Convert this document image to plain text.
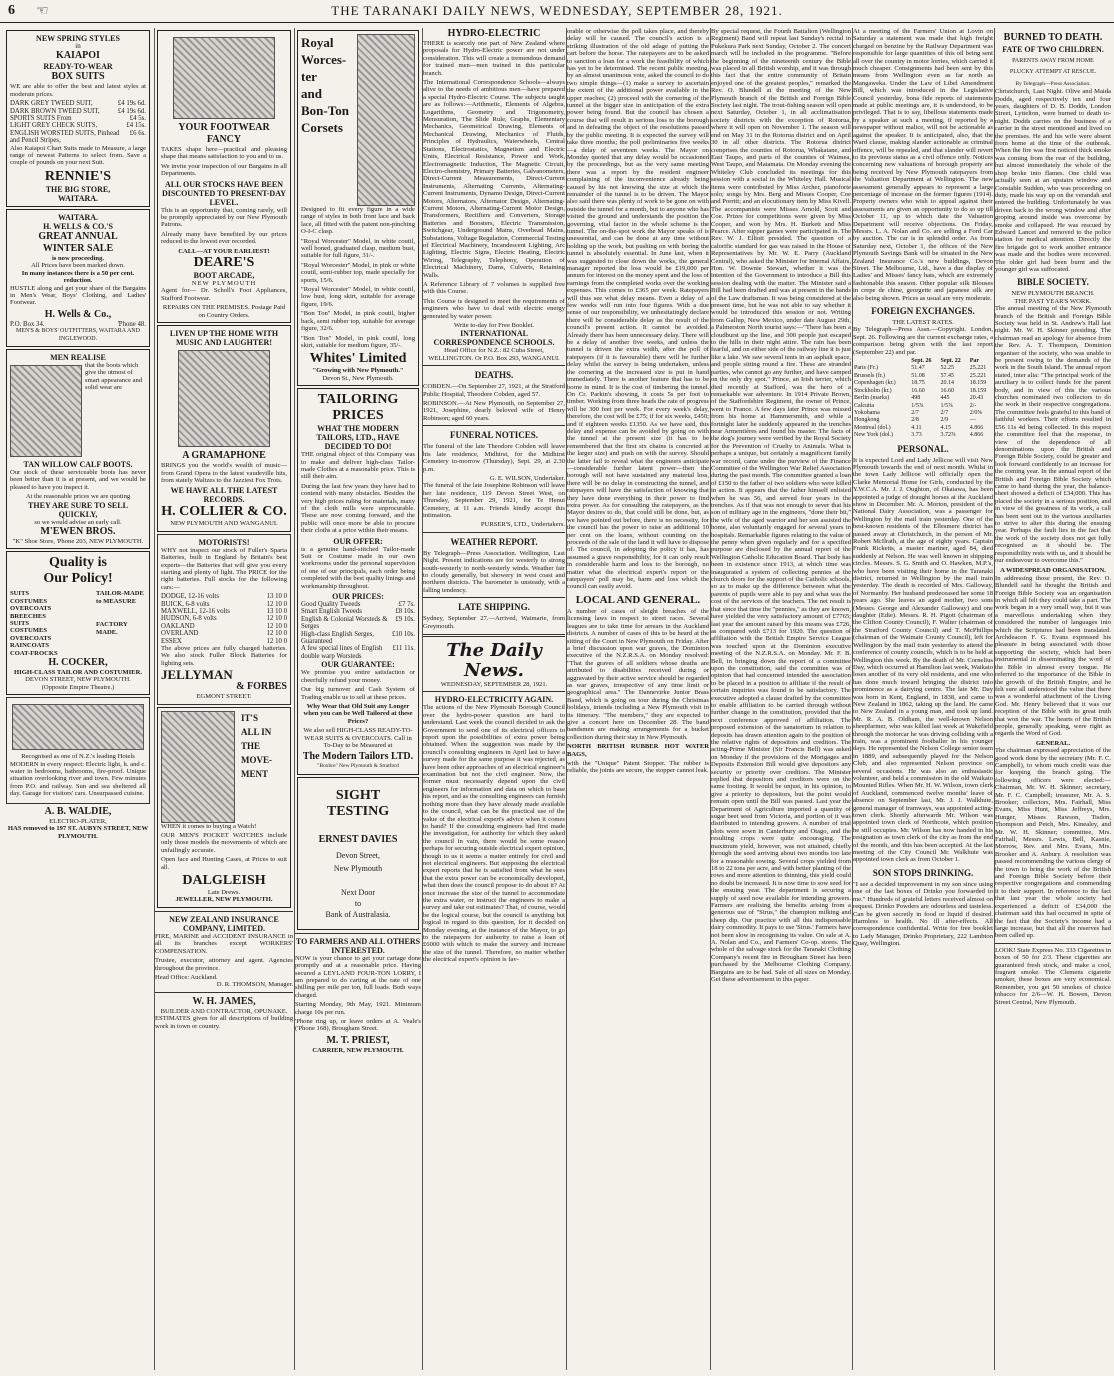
6 ☜	THE TARANAKI DAILY NEWS, WEDNESDAY, SEPTEMBER 28, 1921.
NEW SPRING STYLES
in
KAIAPOI
READY-TO-WEAR
BOX SUITS

WE are able to offer the best and latest styles at moderate prices.

DARK GREY TWEED SUIT,	£4 19s 6d.
DARK BROWN TWEED SUIT,	£4 19s 6d.
SPORTS SUITS From	£4 5s.
LIGHT GREY CHECK SUITS,	£4 15s.
ENGLISH WORSTED SUITS, Pinhead and Pencil Stripes,
£6 6s.

Also Kaiapoi Chart Suits made to Measure, a large range of newest Patterns to select from. Save a couple of pounds on your next Suit.

RENNIE'S
THE BIG STORE,
WAITARA.
WAITARA.
H. WELLS & CO.'S
GREAT ANNUAL
WINTER SALE
is now proceeding.
All Prices have been marked down.
In many instances there is a 50 per cent. reduction.

HUSTLE along and get your share of the Bargains in Men's Wear, Boys' Clothing, and Ladies' Footwear.

H. Wells & Co.,
P.O. Box 34.	'Phone 48.
MEN'S & BOYS' OUTFITTERS, WAITARA AND INGLEWOOD.
MEN REALISE
that the boots which give the utmost of smart appearance and solid wear are
TAN WILLOW CALF BOOTS.

Our stock of these serviceable boots has never been better than it is at present, and we would be pleased to have you inspect it.

At the reasonable prices we are quoting
THEY ARE SURE TO SELL QUICKLY,
so we would advise an early call.
M'EWEN BROS.
"K" Shoe Store, 'Phone 203, NEW PLYMOUTH.
Quality is
Our Policy!
SUITS
COSTUMES
OVERCOATS
BREECHES
SUITS
COSTUMES
OVERCOATS
RAINCOATS
COAT-FROCKS
TAILOR-MADE to MEASURE
FACTORY MADE.
H. COCKER,
HIGH-CLASS TAILOR AND COSTUMIER.
DEVON STREET, NEW PLYMOUTH.
(Opposite Empire Theatre.)
Recognised as one of N.Z.'s leading Hotels

MODERN in every respect: Electric light, h. and c. water in bedrooms, bathrooms, fire-proof. Unique situation overlooking river and town. Few minutes from P.O. and railway. Sun and sea sheltered all day. Garage for visitors' cars. Unsurpassed cuisine.

A. B. WALDIE,
ELECTRO-PLATER,
HAS removed to 197 ST. AUBYN STREET, NEW PLYMOUTH.
YOUR FOOTWEAR FANCY

TAKES shape here—practical and pleasing shape that means satisfaction to you and to us.

We invite your inspection of our Bargains in all Departments.

ALL OUR STOCKS HAVE BEEN DISCOUNTED TO PRESENT-DAY LEVEL.

This is an opportunity that, coming rarely, will be promptly appreciated by our New Plymouth Patrons.

Already many have benefited by our prices reduced to the lowest ever recorded.

CALL—AT YOUR EARLIEST!
DEARE'S
BOOT ARCADE,
NEW PLYMOUTH

Agent for— Dr. Scholl's Foot Appliances, Stafford Footwear.

REPAIRS ON THE PREMISES. Postage Paid on Country Orders.
LIVEN UP THE HOME WITH MUSIC AND LAUGHTER!
A GRAMAPHONE

BRINGS you the world's wealth of music—from Grand Opera to the latest vaudeville hits, from stately Waltzes to the Jazziest Fox Trots.

WE HAVE ALL THE LATEST RECORDS.
H. COLLIER & CO.
NEW PLYMOUTH AND WANGANUI.
MOTORISTS!

WHY not inspect our stock of Fuller's Sparta Batteries, built in England by Britain's best experts—the Batteries that will give you every starting and plenty of light. The PRICE for the right batteries. Full stocks for the following cars:—

DODGE, 12-16 volts	13 10 0
BUICK, 6-8 volts	12 10 0
MAXWELL, 12-16 volts	13 10 0
HUDSON, 6-8 volts	12 10 0
OAKLAND	12 10 0
OVERLAND	12 10 0
ESSEX	12 10 0

The above prices are fully charged batteries. We also stock Fuller Block Batteries for lighting sets.

JELLYMAN
& FORBES
EGMONT STREET.
IT'S
ALL IN
THE
MOVE-
MENT

WHEN it comes to buying a Watch!

OUR MEN'S POCKET WATCHES include only those models the movements of which are unfailingly accurate.

Open face and Hunting Cases, at Prices to suit all.

DALGLEISH
Late Drews.
JEWELLER, NEW PLYMOUTH.
NEW ZEALAND INSURANCE COMPANY, LIMITED.

FIRE, MARINE and ACCIDENT INSURANCE in all its branches except WORKERS' COMPENSATION.

Trustee, executor, attorney and agent. Agencies throughout the province.

Head Office: Auckland.
D. R. THOMSON, Manager.
W. H. JAMES,
BUILDER AND CONTRACTOR, OPUNAKE.

ESTIMATES given for all descriptions of building work in town or country.

Royal
Worces-
ter
and
Bon-Ton
Corsets

Designed to fit every figure in a wide range of styles in both front lace and back lace, all fitted with the patent non-pinching O-I-C clasp.

"Royal Worcester" Model, in white coutil, well boned, graduated clasp, medium bust, suitable for full figure, 31/-.

"Royal Worcester" Model, in pink or white coutil, semi-rubber top, made specially for sports, 15/6.

"Royal Worcester" Model, in white coutil, low bust, long skirt, suitable for average figure, 19/6.

"Bon Ton" Model, in pink coutil, higher back, semi rubber top, suitable for average figure, 32/6.

"Bon Ton" Model, in pink coutil, long skirt, suitable for medium figure, 35/-.

Whites' Limited
"Growing with New Plymouth."
Devon St., New Plymouth.
TAILORING PRICES
WHAT THE MODERN TAILORS, LTD., HAVE DECIDED TO DO!

THE original object of this Company was to make and deliver high-class Tailor-made Clothes at a reasonable price. This is still their aim.

During the last few years they have had to contend with many obstacles. Besides the very high prices ruling for materials, many of the cloth mills were unprocurable. These are now coming forward, and the public will once more be able to procure their cloths at a price within their means.

OUR OFFER:

is a genuine hand-stitched Tailor-made Suit or Costume made in our own workrooms under the personal supervision of one of our principals, each order being completed with the best quality linings and workmanship throughout.

OUR PRICES:
Good Quality Tweeds	£7 7s.
Smart English Tweeds	£8 10s.
English & Colonial Worsteds & Serges
£9 10s.
High-class English Serges, Guaranteed
£10 10s.
A few special lines of English double warp Worsteds
£11 11s.
OUR GUARANTEE:

We promise you entire satisfaction or cheerfully refund your money.

Our big turnover and Cash System of Trading enable us to sell at these prices.

Why Wear that Old Suit any Longer when you can be Well Tailored at these Prices?

We also sell HIGH-CLASS READY-TO-WEAR SUITS & OVERCOATS. Call in To-Day to be Measured at

The Modern Tailors LTD.
"Boxbre" New Plymouth & Stratford
SIGHT TESTING
ERNEST DAVIES
Devon Street,
New Plymouth
Next Door
to
Bank of Australasia.
TO FARMERS AND ALL OTHERS INTERESTED.

NOW is your chance to get your cartage done promptly and at a reasonable price. Having secured a LEYLAND FOUR-TON LORRY, I am prepared to do carting at the rate of one shilling per mile per ton, full loads. Both ways charged.

Starting Monday, 9th May, 1921. Minimum charge 10s per run.

'Phone ring up, or leave orders at A. Veale's ('Phone 168), Brougham Street.

M. T. PRIEST,
CARRIER, NEW PLYMOUTH.
HYDRO-ELECTRIC

THERE is scarcely one part of New Zealand where proposals for Hydro-Electric power are not under consideration. This will create a tremendous demand for trained men—men trained in this particular branch.

The International Correspondence Schools—always alive to the needs of ambitious men—have prepared a special Hydro-Electric Course. The subjects taught are as follows:—Arithmetic, Elements of Algebra, Logarithms, Geometry and Trigonometry, Mensuration, The Slide Rule, Graphs, Elementary Mechanics, Geometrical Drawing, Elements of Mechanical Drawing, Mechanics of Fluids, Principles of Hydraulics, Waterwheels, Central Stations, Electrostatics, Magnetism and Electric Units, Electrical Resistance, Power and Work, Electromagnetic Induction, The Magnetic Circuit, Electro-chemistry, Primary Batteries, Galvanometers, Direct-Current Measurements, Direct-Current Instruments, Alternating Currents, Alternating-Current Instruments, Dynamo Design, Direct-Current Motors, Alternators, Alternator Design, Alternating-Current Motors, Alternating-Current Motor Design, Transformers, Rectifiers and Converters, Storage Batteries and Boosters, Electric Transmission, Switchgear, Underground Mains, Overhead Mains, Substations, Voltage Regulation, Commercial Testing of Electrical Machinery, Incandescent Lighting, Arc Lighting, Electric Signs, Electric Heating, Electric Wiring, Telegraphy, Telephony, Operation of Electrical Machinery, Dams, Culverts, Retaining Walls.

A Reference Library of 7 volumes is supplied free with this Course.

This Course is designed to meet the requirements of engineers who have to deal with electric energy generated by water power.

Write to-day for Free Booklet.
INTERNATIONAL CORRESPONDENCE SCHOOLS.
Head Office for N.Z.: 82 Cuba Street, WELLINGTON. Or P.O. Box 293, WANGANUI.
DEATHS.

COBDEN.—On September 27, 1921, at the Stratford Public Hospital, Theodore Cobden, aged 57.

ROBINSON.—At New Plymouth, on September 27, 1921, Josephine, dearly beloved wife of Henry Robinson; aged 60 years.

FUNERAL NOTICES.

The funeral of the late Theodore Cobden will leave his late residence, Midhirst, for the Midhirst Cemetery to-morrow (Thursday), Sept. 29, at 2.30 p.m.

G. E. WILSON, Undertaker.

The funeral of the late Josephine Robinson will leave her late residence, 119 Devon Street West, on Thursday, September 29, 1921, for Te Henui Cemetery, at 11 a.m. Friends kindly accept this intimation.

PURSER'S, LTD., Undertakers.
WEATHER REPORT.

By Telegraph—Press Association. Wellington, Last Night. Present indications are for westerly to strong south-westerly to north-westerly winds. Weather fair to cloudy generally, but showery in west coast and northern districts. The barometer is unsteady, with a falling tendency.

LATE SHIPPING.

Sydney, September 27.—Arrived, Waimarie, from Greymouth.

The Daily News.
WEDNESDAY, SEPTEMBER 28, 1921.
HYDRO-ELECTRICITY AGAIN.

The actions of the New Plymouth Borough Council over the hydro-power question are hard to understand. Last week the council decided to ask the Government to send one of its electrical officers to report upon the possibilities of extra power being obtained. When the suggestion was made by the council's consulting engineers in April last to have a survey made for the same purpose it was rejected, as have been other approaches of an electrical engineer's examination but not the civil engineer. Now, the former must necessarily depend upon the civil engineers for information and data on which to base his report, and as the consulting engineers can furnish nothing more than they have already made available to the council, what can be the practical use of the value of the electrical expert's advice when it comes to hand? If the consulting engineers had first made the investigation, for authority for which they asked the council in vain, there would be some reason perhaps for securing outside electrical expert opinion, though to us it seems a matter entirely for civil and not electrical engineers. But supposing the electrical expert reports that he is satisfied from what he sees that the extra power can be economically developed, what then does the council propose to do about it? At once increase the size of the tunnel to accommodate the extra water, or instruct the engineers to make a survey and take out estimates? That, of course, would be the logical course, but the council is anything but logical in regard to this question, for it decided on Monday evening, at the instance of the Mayor, to go to the ratepayers for authority to raise a loan of £6000 with which to make the survey and increase the size of the tunnel. Therefore, no matter whether the electrical expert's opinion is fav-

orable or otherwise the poll takes place, and thereby delay will be caused. The council's action is a striking illustration of the old adage of putting the cart before the horse. The ratepayers are to be asked to sanction a loan for a work the feasibility of which has yet to be determined. The recent public meeting, by an almost unanimous vote, asked the council to do two simple things—(1) make a survey to ascertain the extent of the additional power available in the upper reaches; (2) proceed with the cornering of the tunnel at the bigger size in anticipation of the extra power being found. But the council has chosen a course that will result in serious loss to the borough and in defeating the object of the resolutions passed by the public meeting. It is expected the survey will take three months; the poll preliminaries five weeks—a delay of seventeen weeks. The Mayor on Monday quoted that any delay would be occasioned by the proceedings, but as the very same meeting there was a report by the resident engineer complaining of the inconvenience already being caused by his not knowing the size at which the remainder of the tunnel is to be driven. The Mayor also said there was plenty of work to be gone on with outside the tunnel for a month, but to anyone who has visited the ground and understands the position the governing, vital factor in the whole scheme is the tunnel. The on-the-spot work the Mayor speaks of is unessential, and can be done at any time without holding up the work, but pushing on with boring the tunnel is absolutely essential. In June last, when it was suggested to close down the works, the general manager reported the loss would be £19,000 per annum for interest on the money spent and the loss of earnings from the completed works over the working expenses. This comes to £365 per week. Ratepayers will thus see what delay means. Even a delay of a few weeks will run into four figures. With a due sense of our responsibility, we unhesitatingly declare there will be considerable delay as the result of the council's present action. It cannot be avoided. Already there has been unnecessary delay. There will be a delay of another five weeks, and unless the tunnel is driven the extra width, after the poll of ratepayers (if it is favourable) there will be further delay whilst the survey is being undertaken, unless the cornering at the increased size is put in hand immediately. There is another feature that has to be borne in mind. It is the cost of timbering the tunnel. On Cr. Parkin's showing, it costs 5s per foot to timber. Working from three heads the rate of progress will be 300 feet per week. For every week's delay, therefore, the cost will be £75; if for six weeks, £450; and if eighteen weeks £1350. As we have said, this delay and expense can be avoided by going on with the tunnel at the present size (it has to be remembered that the first six chains is concreted at the larger size) and push on with the survey. Should the latter fail to reveal what the engineers anticipate—considerable further latent power—then the borough will not have sustained any material loss, there will be no delay in constructing the tunnel, and ratepayers will have the satisfaction of knowing that they have done everything in their power to find extra power. As for consulting the ratepayers, as the Mayor desires to do, that could still be done, but, as we have pointed out before, there is no necessity, for the council has the power to raise an additional 10 per cent on the loans, without counting on the proceeds of the sale of the land it will have to dispose of. The council, in adopting the policy it has, has assumed a grave responsibility, for it can only result in considerable harm and loss to the borough, no matter what the electrical expert's report or the ratepayers' poll may be, harm and loss which the council can easily avoid.

LOCAL AND GENERAL.

A number of cases of sleight breaches of the licensing laws in respect to street races. Several leagues are to take time for arrears in the Auckland districts. A number of cases of this to be heard at the sitting of the Court in New Plymouth on Friday. After a brief discussion upon war graves, the Dominion executive of the N.Z.R.S.A. on Monday resolved: "That the graves of all soldiers whose deaths are attributed to disabilities received during or aggravated by their active service should be regarded as war graves, irrespective of any time limit or geographical area." The Dannevirke Junior Brass Band, which is going on tour during the Christmas holidays, intends including a New Plymouth visit in its itinerary. "The members," they are expected to give a concert here on December 28. The band bandsmen are making arrangements for a bucket collection during their stay in New Plymouth.

NORTH BRITISH RUBBER HOT WATER BAGS,

with the "Unique" Patent Stopper. The rubber is reliable, the joints are secure, the stopper cannot leak.

By special request, the Fourth Battalion (Wellington Regiment) Band will repeat last Sunday's recital in Pukekura Park next Sunday, October 2. The concert march will be included in the programme. "Before the beginning of the nineteenth century the Bible was placed in all British worship, and it was through this fact that the entire community of Britain enjoyed one of the greatest peoples," remarked the Rev. O. Blundell at the meeting of the New Plymouth branch of the British and Foreign Bible Society last night. The trout-fishing season will open next Saturday, October 1, in all acclimatisation society districts with the exception of Rotorua, where it will open on November 1. The season will end on May 31 in the Rotorua district and on April 30 in all other districts. The Rotorua district comprises the counties of Rotorua, Whakatane, and East Taupo, and parts of the counties of Waimea, West Taupo, and Matamata. On Monday evening the Whiteley Club concluded its meetings for this session with a social in the Whiteley Hall. Musical items were contributed by Miss Archer, pianoforte solo; songs by Mrs. Berg and Misses Cooper, Coe and Porritt; and an elocutionary item by Miss Kivell. The accompanists were Misses Arnold, Scott and Coe. Prizes for competitions were given by Miss Cooper, and won by Mrs. H. Burkett and Miss Pearce. After supper games were participated in. The Rev. W. J. Elliott presided. The question of a calorific standard for gas was raised in the House of Representatives by Mr. W. E. Parry (Auckland Central), who asked the Minister for Internal Affairs, Hon. W. Downie Stewart, whether it was the intention of the Government to introduce a Bill this session dealing with the matter. The Minister said a Bill had been drafted and was at present in the hands of the Law draftsman. It was being considered at the present time, but he was not able to say whether it would be introduced this session or not. Writing from Gallup, New Mexico, under date August 29th, a Palmerston North tourist says:—"There has been a cloudburst up the line, and 300 people just escaped to the hills in their night attire. The rain has been fearful, and on either side of the railway line it is just like a lake. We saw several tents in an asphalt space, and people sitting round a fire. These are stranded parties, who cannot go any further, and have camped on the only dry spot." Prince, an Irish terrier, which died recently at Stafford, was the hero of a remarkable war adventure. In 1914 Private Brown, of the Staffordshire Regiment, the owner of Prince, went to France. A few days later Prince was missed from his home at Hammersmith, and while a fortnight later he suddenly appeared in the trenches near Armentières and found his master. The facts of the dog's journey were verified by the Royal Society for the Prevention of Cruelty to Animals. What is perhaps a unique, but certainly a magnificent family war record, came under the purview of the Finance Committee of the Wellington War Relief Association during the past month. The committee granted a loan of £150 to the father of two soldiers who were killed in action. It appears that the father himself enlisted when he was 56, and served four years in the trenches. As if that was not enough to sever that his son of military age in the engineers, "done their bit," the wife of the aged warrior and her son assisted the home, also voluntarily engaged for several years in hospitals. Remarkable figures relating to the value of the penny when given regularly and for a specified purpose are disclosed by the annual report of the Wellington Catholic Education Board. That body has been in existence since 1913, at which time was inaugurated a system of collecting pennies at the church doors for the support of the Catholic schools, so as to make up the difference between what the parents of pupils were able to pay and what was the cost of the services of the teachers. The net result is that since that time the "pennies," as they are known, have yielded the very satisfactory amount of £7765; last year the amount raised by this means was £726, as compared with £713 for 1920. The question of affiliation with the British Empire Service League was touched upon at the Dominion executive meeting of the N.Z.R.S.A. on Monday. Mr. F. B. Bell, in bringing down the report of a committee upon the constitution, said the committee was of opinion that had concerned intended the association to be placed in a position to affiliate if the result of certain inquiries was found to be satisfactory. The executive adopted a clause drafted by the committee to enable affiliation to be carried through without further change in the constitution, provided that the next conference approved of affiliation. The proposed extension of the sanatorium in relation to deposits has drawn attention again to the position of the relative rights of depositors and creditors. The acting-Prime Minister (Sir Francis Bell) was asked on Monday if the provisions of the Mortgages and Deposits Extension Bill would give depositors any security or priority over creditors. The Minister replied that depositors and creditors were on the same footing. It would be unjust, in his opinion, to give a priority to depositors, but the point would remain open until the Bill was passed. Last year the Department of Agriculture imported a quantity of sugar beet seed from Victoria, and portion of it was distributed to intending growers. A number of trial plots were sown in Canterbury and Otago, and the resulting crops were quite encouraging. The maximum yield, however, was not attained, chiefly through the seed arriving about two months too late for a reasonable sowing. Several crops yielded from 18 to 22 tons per acre, and with better planting of the rows and more attention to thinning, this yield could no doubt be increased. It is now time to sow seed for the ensuing year. The department is securing a supply of seed now available for intending growers. Farmers are realising the benefits arising from a generous use of "Sirus," the champion milking and sheep dip. Our practice with all this indispensable dairy commodity. It pays to use 'Sirus.' Farmers have not been slow in recognising its value. On sale at A. A. Nolan and Co., and Farmers' Co-op. stores. The whole of the salvage stock for the Taranaki Clothing Company's recent fire in Brougham Street has been purchased by the Melbourne Clothing Company. Bargains are to be had. Sale of all sizes on Monday. Get these advertisement in this paper.

At a meeting of the Farmers' Union at Lovin on Saturday a statement was made that high freight charged on benzine by the Railway Department was responsible for large quantities of this oil being sent all over the country in motor lorries, which carried it much cheaper. Consignments had been sent by this means from Wellington even as far north as Mangaweka. Under the Law of Libel Amendment Bill, which was introduced in the Legislative Council yesterday, bona fide reports of statements made at public meetings are, it is understood, to be privileged. That is to say, libellous statements made by a speaker at such a meeting, if reported by a newspaper without malice, will not be actionable as against the speaker. It is anticipated, also, that the Ward clause, making slander actionable as criminal offence, will be repealed, and that slander will revert to its previous status as a civil offence only. Notices concerning new valuations of borough property are being received by New Plymouth ratepayers from the Valuation Department at Wellington. The new assessment generally appears to represent a large percentage of increase on the former figures (1914). Property owners who wish to appeal against their assessments are given an opportunity to do so up till October 11, up to which date the Valuation Department will receive objections. On Friday, Messrs. L. A. Nolan and Co. are selling a Ford Car by auction. The car is in splendid order. As from Saturday next, October 1, the offices of the New Plymouth Savings Bank will be situated in the New Zealand Insurance Co.'s new buildings, Devon Street. The Melbourne, Ltd., have a due display of Ladies' and Misses' fancy hats, which are extremely fashionable this season. Other popular silk Blouses in crepe de chine, georgette and japanese silk are also being shown. Prices as usual are very moderate.

FOREIGN EXCHANGES.
THE LATEST RATES.

By Telegraph—Press Assn.—Copyright. London, Sept. 26. Following are the current exchange rates, a comparison being given with the last report (September 22) and par.

	Sept. 26	Sept. 22	Par
Paris (Fr.)	51.47	52.25	25.221
Brussels (fr.)	51.08	57.45	25.221
Copenhagen (kr.)	18.75	20.14	18.159
Stockholm (kr.)	16.60	16.60	18.159
Berlin (marks)	498	445	20.43
Calcutta	1/5⅞	1/5⅞	2/-
Yokohama	2/7	2/7	2/0⅝
Hongkong	2/8	2/9	—
Montreal (dol.)	4.11	4.15	4.866
New York (dol.)	3.73	3.72⅞	4.866
PERSONAL.

It is expected Lord and Lady Jellicoe will visit New Plymouth towards the end of next month. Whilst in the town Lady Jellicoe will officially open the Clarke Memorial Home for Girls, conducted by the Y.W.C.A. Mr. J. J. Oughton, of Okaiawa, has been appointed a judge of draught horses at the Auckland show in December. Mr. A. Morton, president of the National Dairy Association, was a passenger for Wellington by the mail train yesterday. One of the best-known residents of the Ellesmere district has passed away at Christchurch, in the person of Mr. Robert McIlrath, at the age of eighty years. Captain Frank Ricketts, a master mariner, aged 84, died suddenly at Nelson. He was well known in shipping circles. Messrs. S. G. Smith and O. Hawken, M.P.'s, who have been visiting their home in the Taranaki district, returned to Wellington by the mail train yesterday. The death is recorded of Mrs. Galloway, of Normanby. Her husband predeceased her some 18 years ago. She leaves an aged mother, two sons (Messrs. George and Alexander Galloway) and one daughter (Edie). Messrs. R. H. Pigott (chairman of the Clifton County Council), F. Walter (chairman of the Stratford County Council) and T. McPhillips (chairman of the Waimate County Council), left for Wellington by the mail train yesterday to attend the conference of county councils, which is to be held at Wellington this week. By the death of Mr. Cornelius Day, which occurred at Hamilton last week, Waikato loses another of its very old residents, and one who has done much toward bringing the district into prominence as a dairying centre. The late Mr. Day was born in Kent, England, in 1838, and came to New Zealand in 1862, taking up the land. He came to New Zealand in a young man, and took up land. Mr. R. A. B. Oldham, the well-known Nelson sheepfarmer, who was killed last week at Wakefield through the motorcar he was driving colliding with a train, was a prominent footballer in his younger days. He represented the Nelson College senior team in 1889, and subsequently played for the Nelson Club, and also represented Nelson province on several occasions. He was also an enthusiastic volunteer, and held a commission in the old Waikato Mounted Rifles. When Mr. H. W. Wilson, town clerk of Auckland, commenced twelve months' leave of absence on September last, Mr. J. J. Walkhute, general manager of tramways, was appointed acting-town clerk. Shortly afterwards Mr. Wilson was appointed town clerk of Northcote, which position he still occupies. Mr. Wilson has now handed in his resignation as town clerk of the city as from the end of the month, and this has been accepted. At the last meeting of the City Council Mr. Walkhute was appointed town clerk as from October 1.

SON STOPS DRINKING.

"I see a decided improvement in my son since using one of the last boxes of Drinko you forwarded to me." Hundreds of grateful letters received almost on request. Drinko Powders are odourless and tasteless. Can be given secretly in food or liquid if desired. Harmless to health. No ill after-effects. All correspondence confidential. Write for free booklet to Lady Manager, Drinko Proprietary, 222 Lambton Quay, Wellington.

BURNED TO DEATH.
FATE OF TWO CHILDREN.
PARENTS AWAY FROM HOME
PLUCKY ATTEMPT AT RESCUE.
By Telegraph—Press Association.

Christchurch, Last Night. Olive and Maida Dodds, aged respectively ten and four years, daughters of D. B. Dodds, London Street, Lyttelton, were burned to death to-night. Dodds carries on the business of a carrier in the street mentioned and lived on the premises. He and his wife were absent from home at the time of the outbreak. When the fire was first noticed thick smoke was coming from the rear of the building, but almost immediately the whole of the shop broke into flames. One child was actually seen at an upstairs window and Constable Sudden, who was proceeding on duty, made his way up on the verandah and entered the building. Unfortunately he was driven back to the wrong window and after groping around inside was overcome by smoke and collapsed. He was rescued by Edward Lancet and removed to the police station for medical attention. Directly the fire brigade got to work another entrance was made and the bodies were recovered. The older girl had been burnt and the younger girl was suffocated.

BIBLE SOCIETY.
NEW PLYMOUTH BRANCH.
THE PAST YEAR'S WORK.

The annual meeting of the New Plymouth branch of the British and Foreign Bible Society was held in St. Andrew's Hall last night. Mr. W. H. Skinner presiding. The chairman read an apology for absence from the Rev. A. T. Thompson, Dominion organiser of the society, who was unable to be present owing to the demands of the work in the South Island. The annual report stated, inter alia: "The principal work of the auxiliary is to collect funds for the parent body, and in view of this the various churches nominated two collectors to do the work in their respective congregations. The committee feels grateful to this band of faithful workers. Their efforts resulted in £56 11s 4d being collected. In this respect the committee feel that the response, in view of the dependence of all denominations upon the British and Foreign Bible Society, could be greater and look forward confidently to an increase for the coming year. In the annual report of the British and Foreign Bible Society which came to hand during the year, the balance-sheet showed a deficit of £34,000. This has placed the society in a serious position, and in view of the greatness of its work, a call has been sent out to the various auxiliaries to strive to alter this during the ensuing year. Perhaps the fault lies in the fact that the work of the society does not get fully recognised as it should be. The responsibility rests with us, and it should be our endeavour to overcome this."

A WIDESPREAD ORGANISATION.

In addressing those present, the Rev. O. Blundell said he thought the British and Foreign Bible Society was an organisation in which all felt they could take a part. The work began in a very small way, but it was a marvellous undertaking when they considered the number of languages into which the Scriptures had been translated. Archdeacon F. G. Evans expressed his pleasure in being associated with those supporting the society, which had been instrumental in disseminating the word of the Bible in almost every tongue. He referred to the importance of the Bible in the growth of the British Empire, and he felt sure all understood the value that there was a wonderful attachment of the Living God. Mr. Henry believed that it was our reception of the Bible with its great truth that won the war. The hearts of the British people, generally speaking, were right as regards the Word of God.

GENERAL.

The chairman expressed appreciation of the good work done by the secretary (Mr. F. C. Campbell), to whom much credit was due for keeping the branch going. The following officers were elected:—Chairman, Mr. W. H. Skinner; secretary, Mr. F. C. Campbell; treasurer, Mr. A. S. Brooker; collectors, Mrs. Fairhall, Miss Evans, Miss Hunt, Miss Jeffreys, Mrs. Hunger, Misses Rawson, Tisdon, Thompson and Petch, Mrs. Kinealey, and Mr. W. H. Skinner; committee, Mrs. Fairhall, Messrs. Lewis, Bell, Kasnie, Morrow, Rev. and Mrs. Evans, Mrs. Brooker and A. Anbury. A resolution was passed recommending the various clergy of the town to bring the work of the British and Foreign Bible Society before their respective congregations and commending it to their support. In reference to the fact that last year the whole society had experienced a deficit of £34,000 the chairman said this had occurred in spite of the fact that the Society's income had a large increase, but that all the reserves had been called up.

LOOK! State Express No. 333 Cigarettes in boxes of 50 for 2/3. These cigarettes are guaranteed fresh stock, and make a cool, fragrant smoke. The Clemens cigarette smoker, these boxes are very economical. Remember, you get 50 smokes of choice tobacco for 2/6—W. H. Bowen, Devon Street Central, New Plymouth.
